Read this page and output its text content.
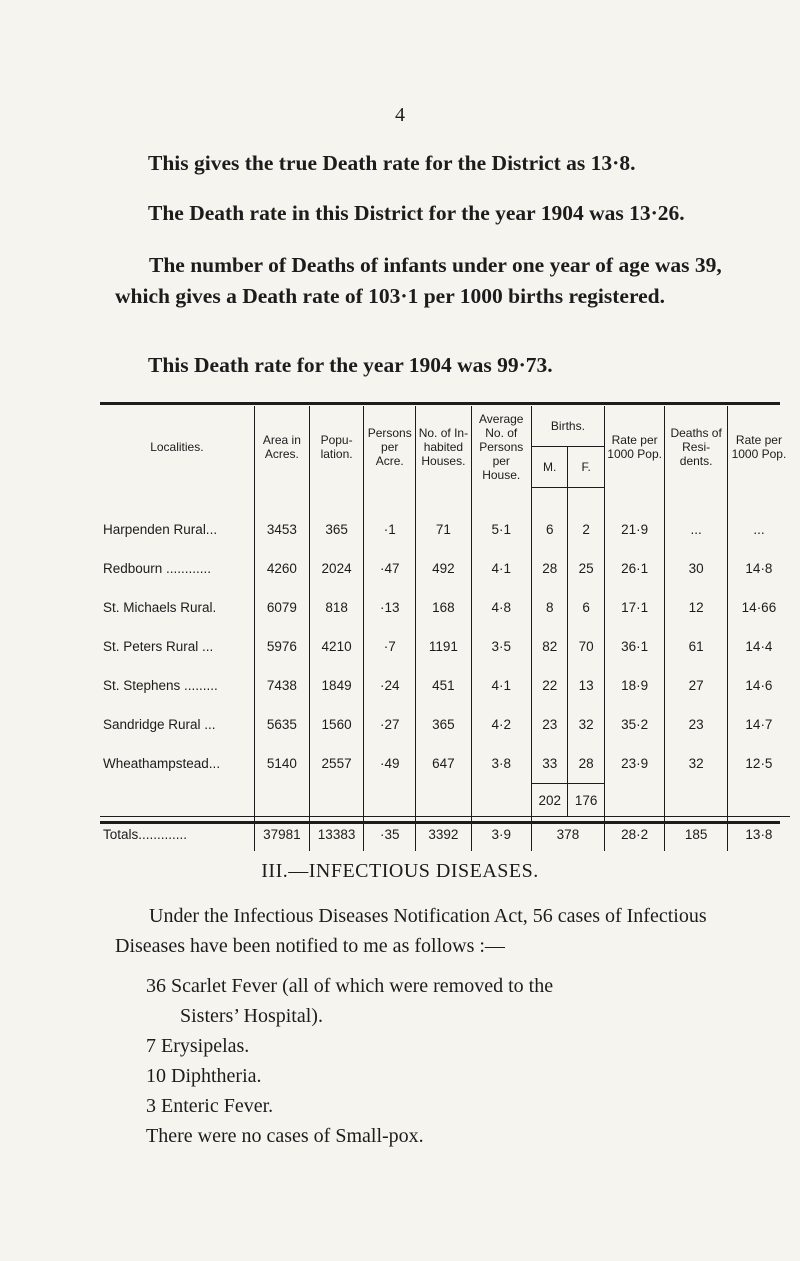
4
This gives the true Death rate for the District as 13·8.
The Death rate in this District for the year 1904 was 13·26.
The number of Deaths of infants under one year of age was 39, which gives a Death rate of 103·1 per 1000 births registered.
This Death rate for the year 1904 was 99·73.
Localities.	Area in Acres.	Popu- lation.	Persons per Acre.	No. of In- habited Houses.	Average No. of Persons per House.	Births.		Rate per 1000 Pop.	Deaths of Resi- dents.	Rate per 1000 Pop.
						M.	F.			

Harpenden Rural...	3453	365	·1	71	5·1	6	2	21·9	...	...
Redbourn ............	4260	2024	·47	492	4·1	28	25	26·1	30	14·8
St. Michaels Rural.	6079	818	·13	168	4·8	8	6	17·1	12	14·66
St. Peters Rural ...	5976	4210	·7	1191	3·5	82	70	36·1	61	14·4
St. Stephens .........	7438	1849	·24	451	4·1	22	13	18·9	27	14·6
Sandridge Rural ...	5635	1560	·27	365	4·2	23	32	35·2	23	14·7
Wheathampstead...	5140	2557	·49	647	3·8	33	28	23·9	32	12·5
						202	176			
Totals.............	37981	13383	·35	3392	3·9	378		28·2	185	13·8
III.—INFECTIOUS DISEASES.
Under the Infectious Diseases Notification Act, 56 cases of Infectious Diseases have been notified to me as follows :—
36 Scarlet Fever (all of which were removed to the
Sisters’ Hospital).
7 Erysipelas.
10 Diphtheria.
3 Enteric Fever.
There were no cases of Small-pox.
